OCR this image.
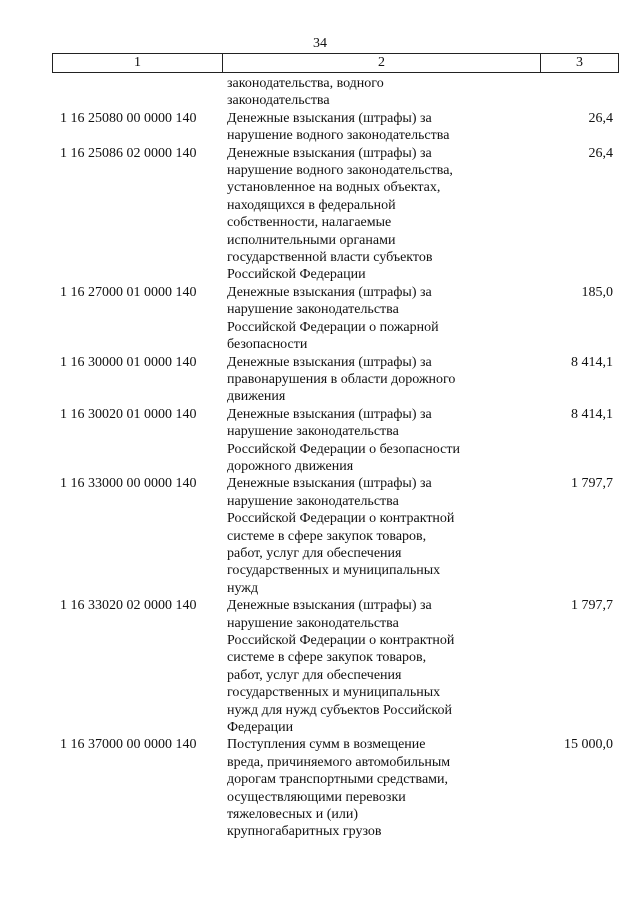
34
1	2	3
законодательства, водного
законодательства
1 16 25080 00 0000 140	Денежные взыскания (штрафы) за
нарушение водного законодательства
26,4
1 16 25086 02 0000 140	Денежные взыскания (штрафы) за
нарушение водного законодательства,
установленное на водных объектах,
находящихся в федеральной
собственности, налагаемые
исполнительными органами
государственной власти субъектов
Российской Федерации
26,4
1 16 27000 01 0000 140	Денежные взыскания (штрафы) за
нарушение законодательства
Российской Федерации о пожарной
безопасности
185,0
1 16 30000 01 0000 140	Денежные взыскания (штрафы) за
правонарушения в области дорожного
движения
8 414,1
1 16 30020 01 0000 140	Денежные взыскания (штрафы) за
нарушение законодательства
Российской Федерации о безопасности
дорожного движения
8 414,1
1 16 33000 00 0000 140	Денежные взыскания (штрафы) за
нарушение законодательства
Российской Федерации о контрактной
системе в сфере закупок товаров,
работ, услуг для обеспечения
государственных и муниципальных
нужд
1 797,7
1 16 33020 02 0000 140	Денежные взыскания (штрафы) за
нарушение законодательства
Российской Федерации о контрактной
системе в сфере закупок товаров,
работ, услуг для обеспечения
государственных и муниципальных
нужд для нужд субъектов Российской
Федерации
1 797,7
1 16 37000 00 0000 140	Поступления сумм в возмещение
вреда, причиняемого автомобильным
дорогам транспортными средствами,
осуществляющими перевозки
тяжеловесных и (или)
крупногабаритных грузов
15 000,0
